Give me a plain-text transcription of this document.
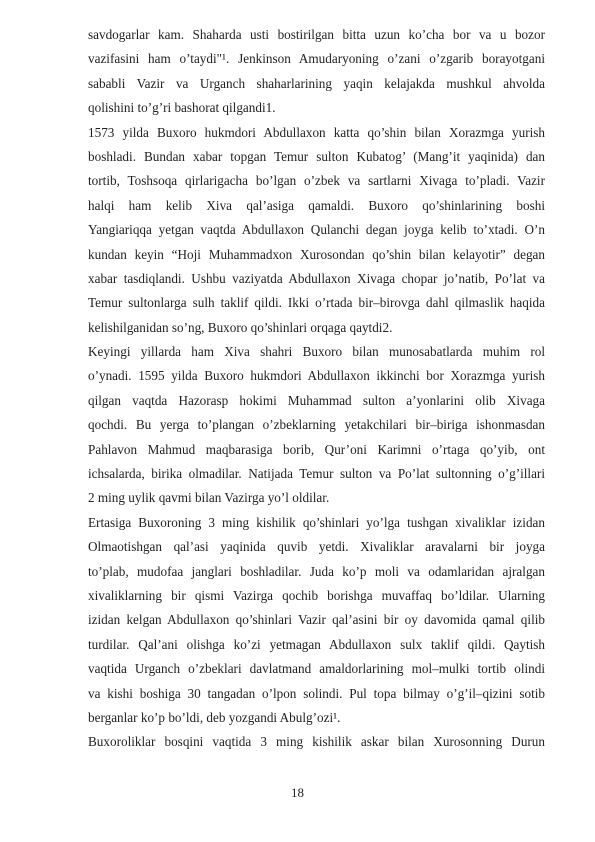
savdogarlar kam. Shaharda usti bostirilgan bitta uzun ko’cha bor va u bozor
vazifasini ham o’taydi"¹. Jenkinson Amudaryoning o’zani o’zgarib borayotgani
sababli Vazir va Urganch shaharlarining yaqin kelajakda mushkul ahvolda
qolishini to’g’ri bashorat qilgandi1.
1573 yilda Buxoro hukmdori Abdullaxon katta qo’shin bilan Xorazmga yurish
boshladi. Bundan xabar topgan Temur sulton Kubatog’ (Mang’it yaqinida) dan
tortib, Toshsoqa qirlarigacha bo’lgan o’zbek va sartlarni Xivaga to’pladi. Vazir
halqi ham kelib Xiva qal’asiga qamaldi. Buxoro qo’shinlarining boshi
Yangiariqqa yetgan vaqtda Abdullaxon Qulanchi degan joyga kelib to’xtadi. O’n
kundan keyin “Hoji Muhammadxon Xurosondan qo’shin bilan kelayotir” degan
xabar tasdiqlandi. Ushbu vaziyatda Abdullaxon Xivaga chopar jo’natib, Po’lat va
Temur sultonlarga sulh taklif qildi. Ikki o’rtada bir–birovga dahl qilmaslik haqida
kelishilganidan so’ng, Buxoro qo’shinlari orqaga qaytdi2.
Keyingi yillarda ham Xiva shahri Buxoro bilan munosabatlarda muhim rol
o’ynadi. 1595 yilda Buxoro hukmdori Abdullaxon ikkinchi bor Xorazmga yurish
qilgan vaqtda Hazorasp hokimi Muhammad sulton a’yonlarini olib Xivaga
qochdi. Bu yerga to’plangan o’zbeklarning yetakchilari bir–biriga ishonmasdan
Pahlavon Mahmud maqbarasiga borib, Qur’oni Karimni o’rtaga qo’yib, ont
ichsalarda, birika olmadilar. Natijada Temur sulton va Po’lat sultonning o’g’illari
2 ming uylik qavmi bilan Vazirga yo’l oldilar.
Ertasiga Buxoroning 3 ming kishilik qo’shinlari yo’lga tushgan xivaliklar izidan
Olmaotishgan qal’asi yaqinida quvib yetdi. Xivaliklar aravalarni bir joyga
to’plab, mudofaa janglari boshladilar. Juda ko’p moli va odamlaridan ajralgan
xivaliklarning bir qismi Vazirga qochib borishga muvaffaq bo’ldilar. Ularning
izidan kelgan Abdullaxon qo’shinlari Vazir qal’asini bir oy davomida qamal qilib
turdilar. Qal’ani olishga ko’zi yetmagan Abdullaxon sulx taklif qildi. Qaytish
vaqtida Urganch o’zbeklari davlatmand amaldorlarining mol–mulki tortib olindi
va kishi boshiga 30 tangadan o’lpon solindi. Pul topa bilmay o’g’il–qizini sotib
berganlar ko’p bo’ldi, deb yozgandi Abulg’ozi¹.
Buxoroliklar bosqini vaqtida 3 ming kishilik askar bilan Xurosonning Durun
18
